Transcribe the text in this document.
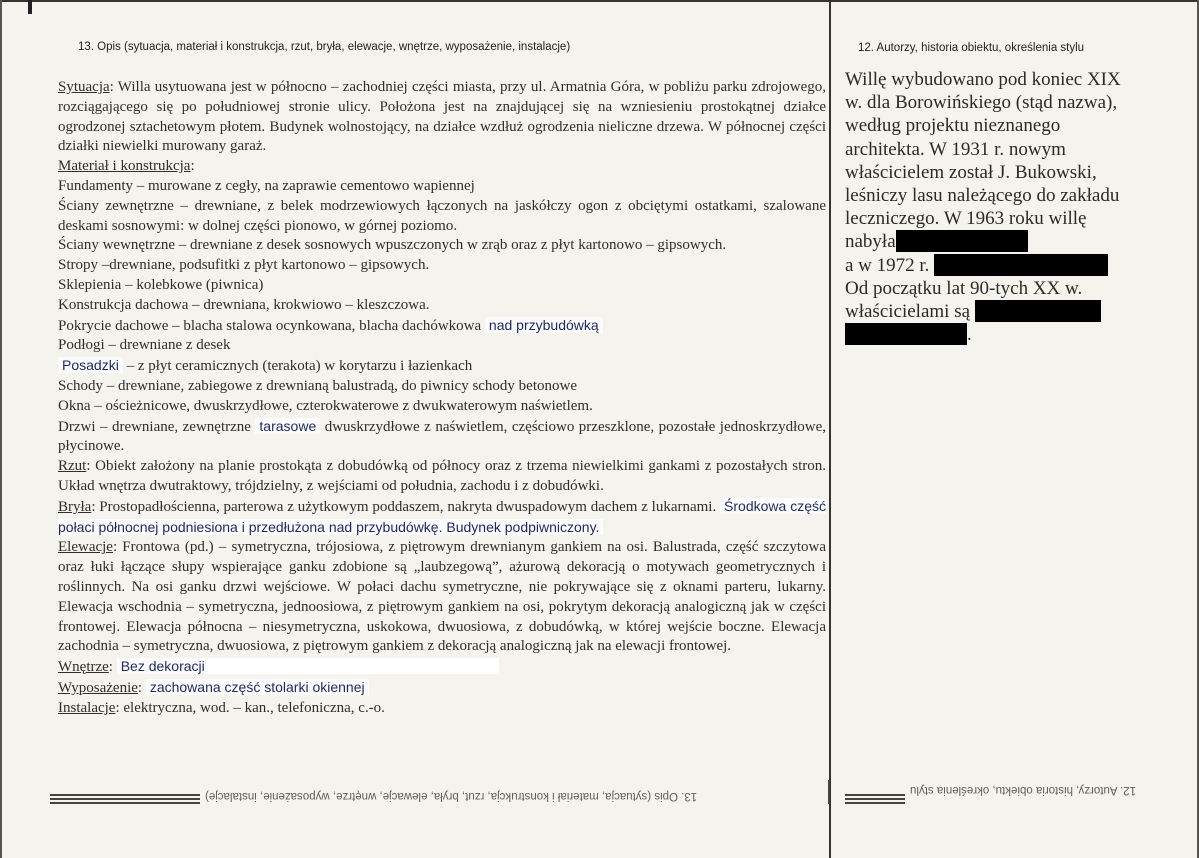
13. Opis (sytuacja, materiał i konstrukcja, rzut, bryła, elewacje, wnętrze, wyposażenie, instalacje)	12. Autorzy, historia obiektu, określenia stylu

Sytuacja: Willa usytuowana jest w północno – zachodniej części miasta, przy ul. Armatnia Góra, w pobliżu parku zdrojowego, rozciągającego się po południowej stronie ulicy. Położona jest na znajdującej się na wzniesieniu prostokątnej działce ogrodzonej sztachetowym płotem. Budynek wolnostojący, na działce wzdłuż ogrodzenia nieliczne drzewa. W północnej części działki niewielki murowany garaż.

Materiał i konstrukcja:

Fundamenty – murowane z cegły, na zaprawie cementowo wapiennej

Ściany zewnętrzne – drewniane, z belek modrzewiowych łączonych na jaskółczy ogon z obciętymi ostatkami, szalowane deskami sosnowymi: w dolnej części pionowo, w górnej poziomo.

Ściany wewnętrzne – drewniane z desek sosnowych wpuszczonych w zrąb oraz z płyt kartonowo – gipsowych.

Stropy –drewniane, podsufitki z płyt kartonowo – gipsowych.

Sklepienia – kolebkowe (piwnica)

Konstrukcja dachowa – drewniana, krokwiowo – kleszczowa.

Pokrycie dachowe – blacha stalowa ocynkowana, blacha dachówkowa nad przybudówką

Podłogi – drewniane z desek

Posadzki – z płyt ceramicznych (terakota) w korytarzu i łazienkach

Schody – drewniane, zabiegowe z drewnianą balustradą, do piwnicy schody betonowe

Okna – ościeżnicowe, dwuskrzydłowe, czterokwaterowe z dwukwaterowym naświetlem.

Drzwi – drewniane, zewnętrzne tarasowe dwuskrzydłowe z naświetlem, częściowo przeszklone, pozostałe jednoskrzydłowe, płycinowe.

Rzut: Obiekt założony na planie prostokąta z dobudówką od północy oraz z trzema niewielkimi gankami z pozostałych stron. Układ wnętrza dwutraktowy, trójdzielny, z wejściami od południa, zachodu i z dobudówki.

Bryła: Prostopadłościenna, parterowa z użytkowym poddaszem, nakryta dwuspadowym dachem z lukarnami. Środkowa część połaci północnej podniesiona i przedłużona nad przybudówkę. Budynek podpiwniczony.

Elewacje: Frontowa (pd.) – symetryczna, trójosiowa, z piętrowym drewnianym gankiem na osi. Balustrada, część szczytowa oraz łuki łączące słupy wspierające ganku zdobione są „laubzegową”, ażurową dekoracją o motywach geometrycznych i roślinnych. Na osi ganku drzwi wejściowe. W połaci dachu symetryczne, nie pokrywające się z oknami parteru, lukarny. Elewacja wschodnia – symetryczna, jednoosiowa, z piętrowym gankiem na osi, pokrytym dekoracją analogiczną jak w części frontowej. Elewacja północna – niesymetryczna, uskokowa, dwuosiowa, z dobudówką, w której wejście boczne. Elewacja zachodnia – symetryczna, dwuosiowa, z piętrowym gankiem z dekoracją analogiczną jak na elewacji frontowej.

Wnętrze: Bez dekoracji

Wyposażenie: zachowana część stolarki okiennej

Instalacje: elektryczna, wod. – kan., telefoniczna, c.-o.

Willę wybudowano pod koniec XIX w. dla Borowińskiego (stąd nazwa), według projektu nieznanego architekta. W 1931 r. nowym właścicielem został J. Bukowski, leśniczy lasu należącego do zakładu leczniczego. W 1963 roku willę nabyła

a w 1972 r.

Od początku lat 90-tych XX w. właścicielami są
.

13. Opis (sytuacja, materiał i konstrukcja, rzut, bryła, elewacje, wnętrze, wyposażenie, instalacje)	12. Autorzy, historia obiektu, określenia stylu
